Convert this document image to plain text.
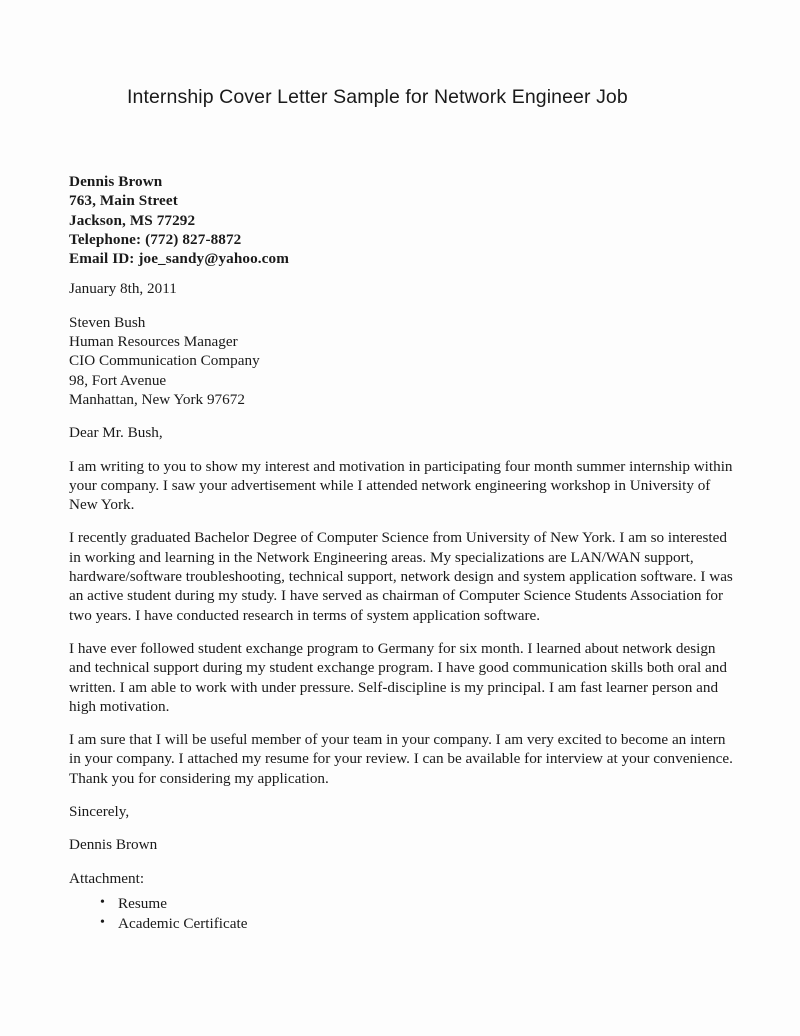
Internship Cover Letter Sample for Network Engineer Job
Dennis Brown
763, Main Street
Jackson, MS 77292
Telephone: (772) 827-8872
Email ID: joe_sandy@yahoo.com
January 8th, 2011
Steven Bush
Human Resources Manager
CIO Communication Company
98, Fort Avenue
Manhattan, New York 97672
Dear Mr. Bush,

I am writing to you to show my interest and motivation in participating four month summer internship within your company. I saw your advertisement while I attended network engineering workshop in University of New York.

I recently graduated Bachelor Degree of Computer Science from University of New York. I am so interested in working and learning in the Network Engineering areas. My specializations are LAN/WAN support, hardware/software troubleshooting, technical support, network design and system application software. I was an active student during my study. I have served as chairman of Computer Science Students Association for two years. I have conducted research in terms of system application software.

I have ever followed student exchange program to Germany for six month. I learned about network design and technical support during my student exchange program. I have good communication skills both oral and written. I am able to work with under pressure. Self-discipline is my principal. I am fast learner person and high motivation.

I am sure that I will be useful member of your team in your company. I am very excited to become an intern in your company. I attached my resume for your review. I can be available for interview at your convenience. Thank you for considering my application.

Sincerely,
Dennis Brown
Attachment:
• Resume
• Academic Certificate
